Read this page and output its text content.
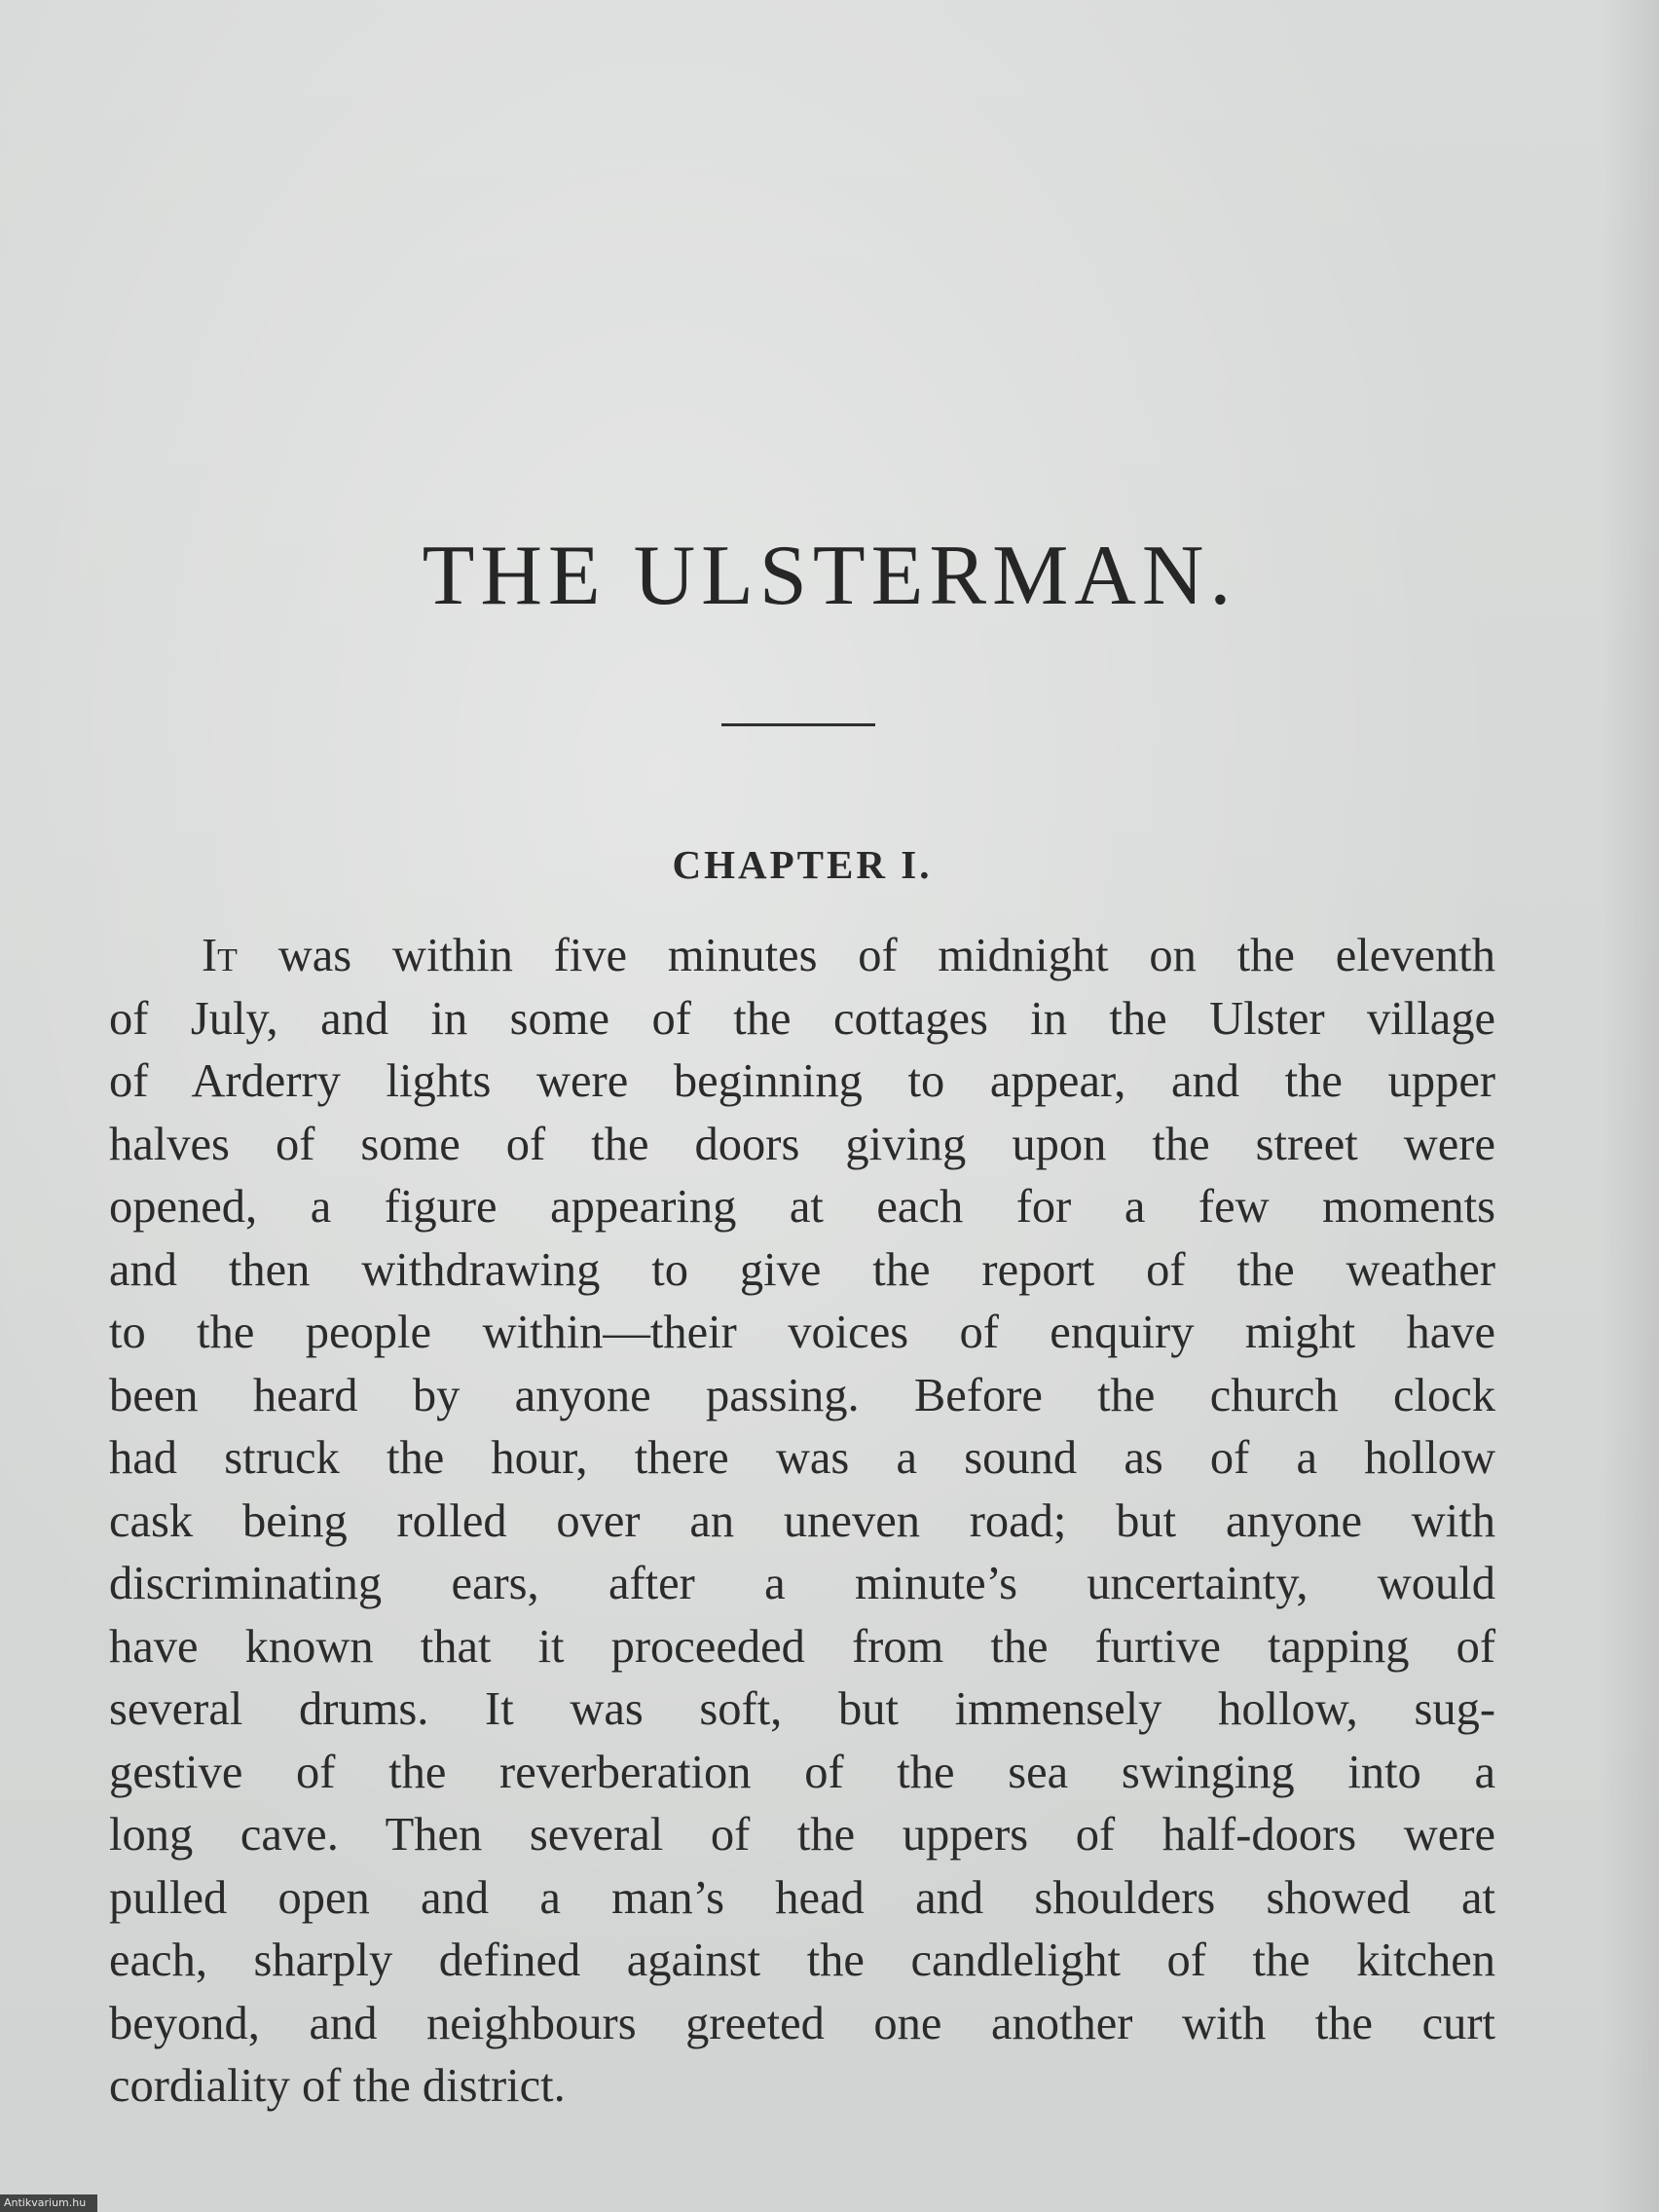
THE ULSTERMAN.
CHAPTER I.
It was within five minutes of midnight on the eleventh
of July, and in some of the cottages in the Ulster village
of Arderry lights were beginning to appear, and the upper
halves of some of the doors giving upon the street were
opened, a figure appearing at each for a few moments
and then withdrawing to give the report of the weather
to the people within—their voices of enquiry might have
been heard by anyone passing. Before the church clock
had struck the hour, there was a sound as of a hollow
cask being rolled over an uneven road; but anyone with
discriminating ears, after a minute’s uncertainty, would
have known that it proceeded from the furtive tapping of
several drums. It was soft, but immensely hollow, sug-
gestive of the reverberation of the sea swinging into a
long cave. Then several of the uppers of half-doors were
pulled open and a man’s head and shoulders showed at
each, sharply defined against the candlelight of the kitchen
beyond, and neighbours greeted one another with the curt
cordiality of the district.
Antikvarium.hu
